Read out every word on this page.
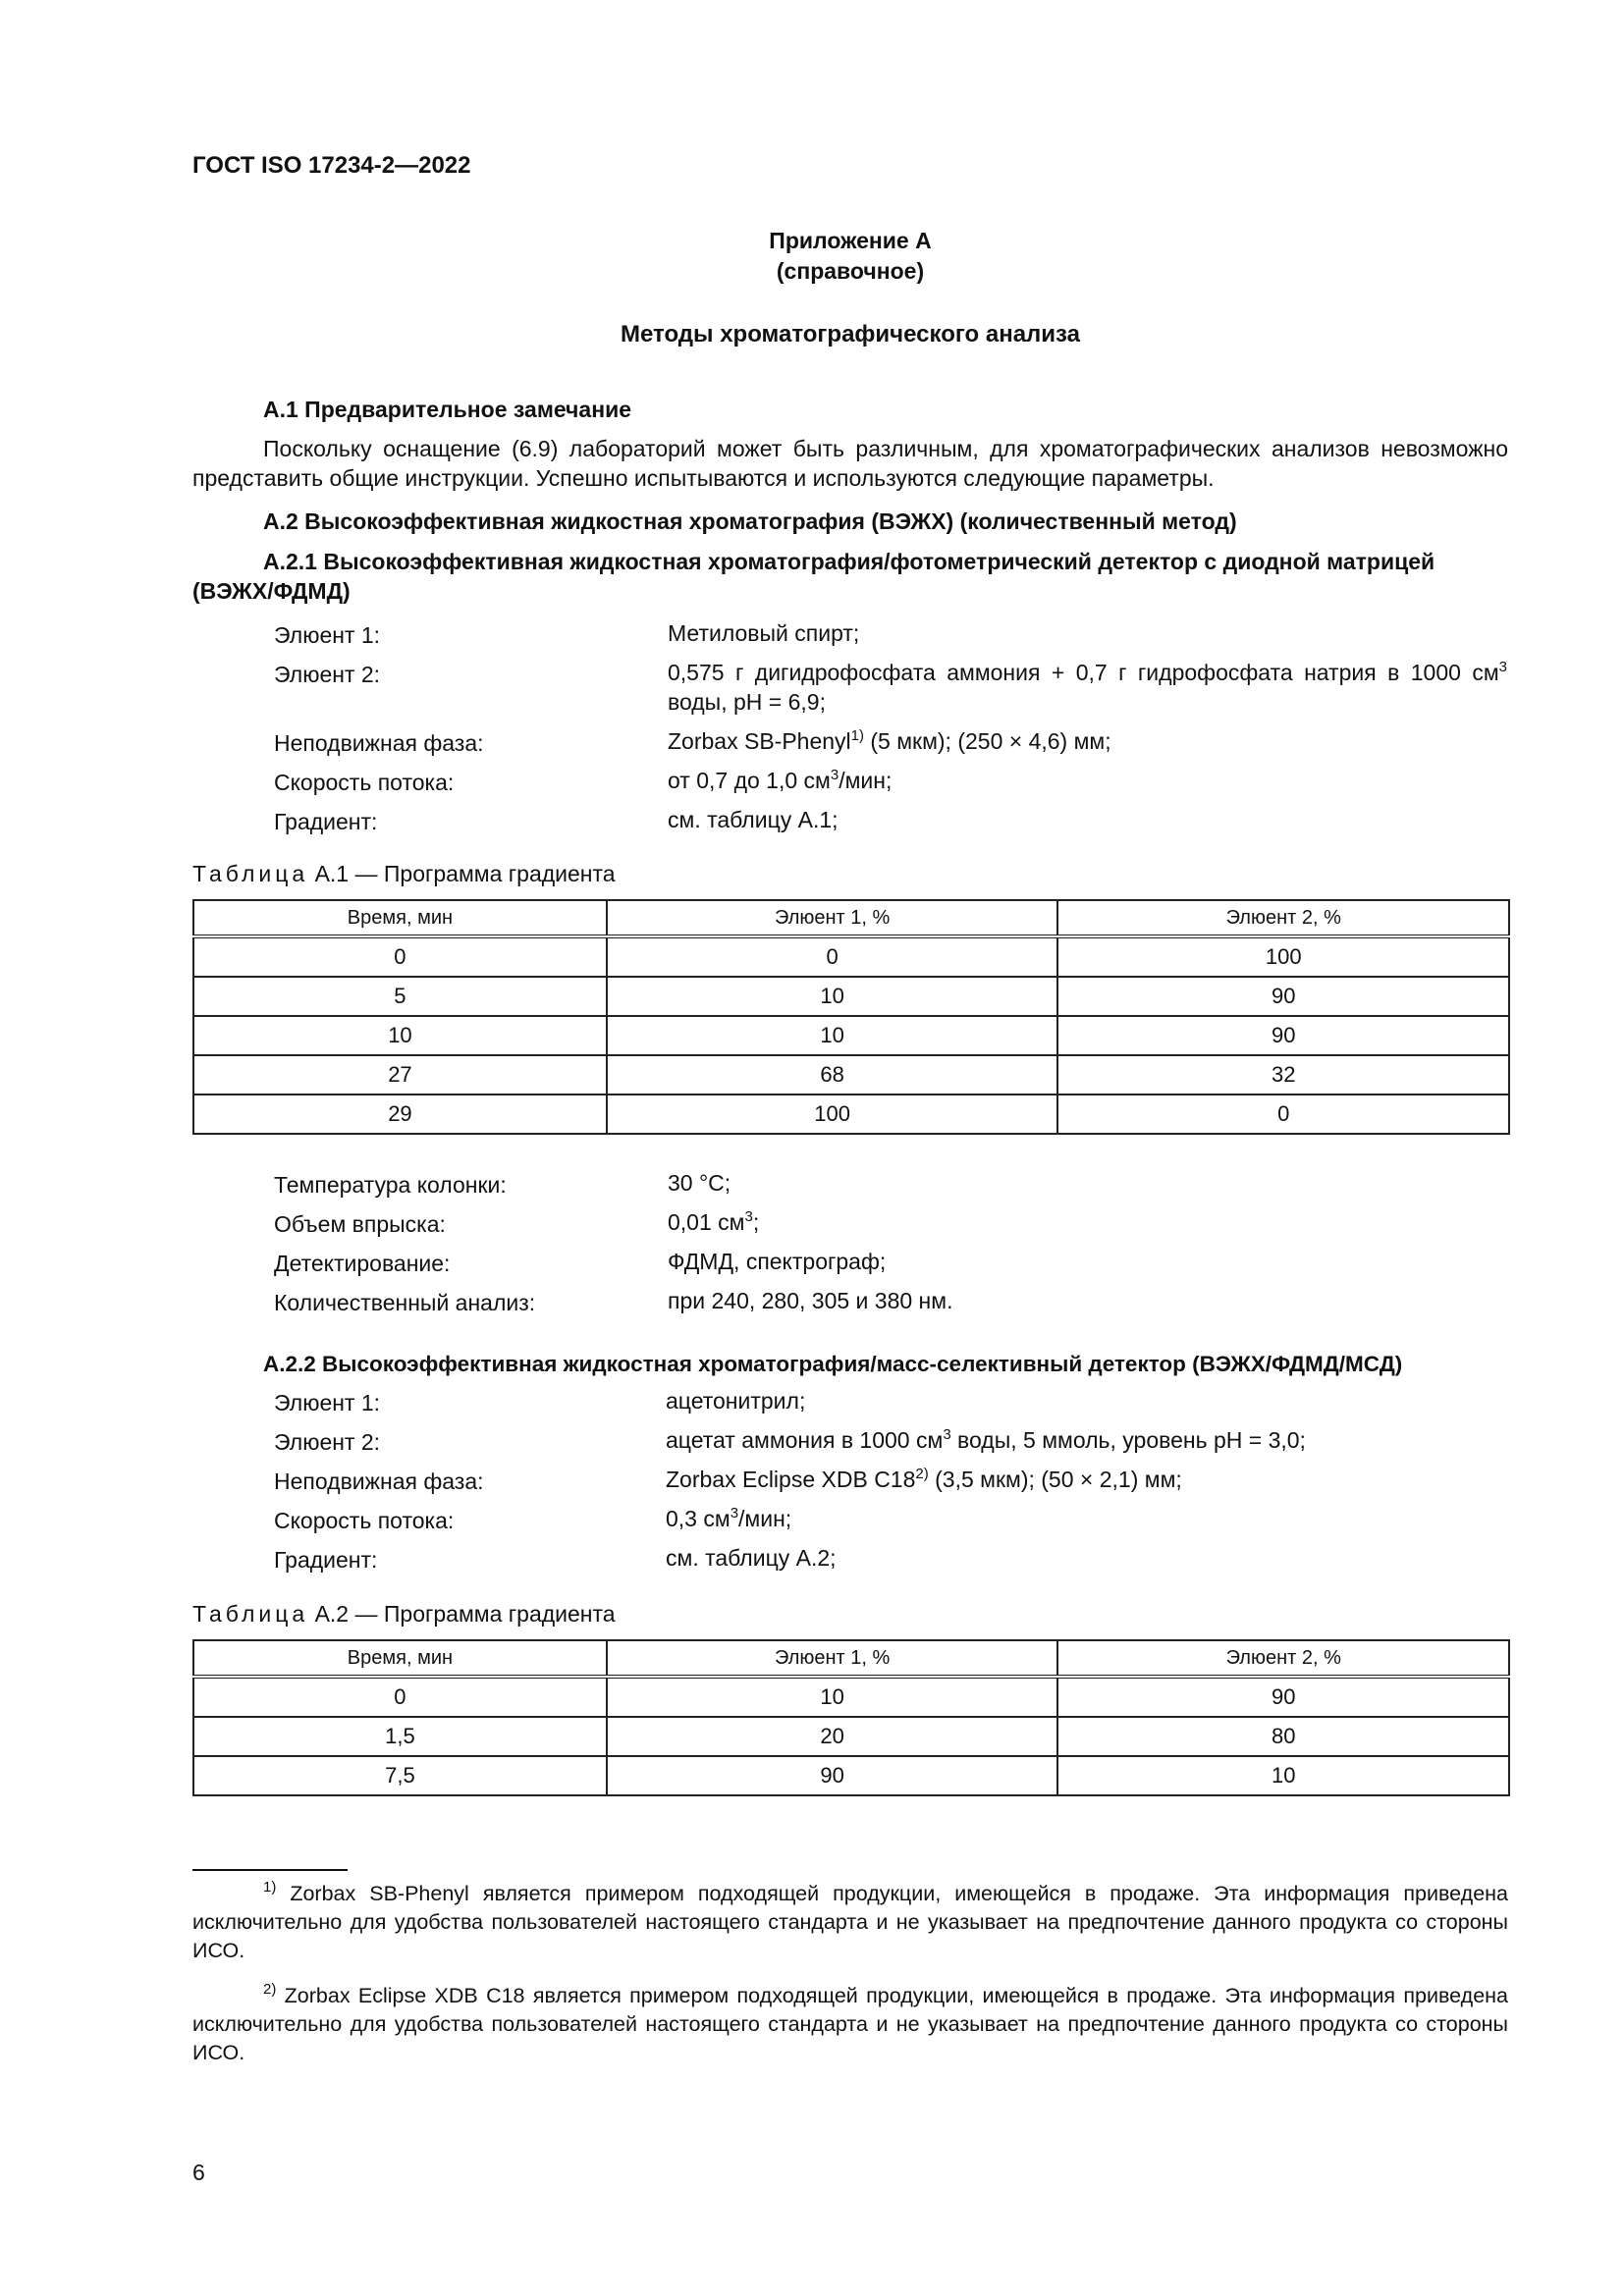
ГОСТ ISO 17234-2—2022
Приложение А
(справочное)
Методы хроматографического анализа
А.1 Предварительное замечание
Поскольку оснащение (6.9) лабораторий может быть различным, для хроматографических анализов невозможно представить общие инструкции. Успешно испытываются и используются следующие параметры.
А.2 Высокоэффективная жидкостная хроматография (ВЭЖХ) (количественный метод)
А.2.1 Высокоэффективная жидкостная хроматография/фотометрический детектор с диодной матрицей (ВЭЖХ/ФДМД)
Элюент 1:	Метиловый спирт;
Элюент 2:	0,575 г дигидрофосфата аммония + 0,7 г гидрофосфата натрия в 1000 $см^3$ воды, pH = 6,9;
Неподвижная фаза:	Zorbax SB-Phenyl$^{1)}$ (5 мкм); (250 × 4,6) мм;
Скорость потока:	от 0,7 до 1,0 $см^3$/мин;
Градиент:	см. таблицу А.1;
Таблица А.1 — Программа градиента
Время, мин	Элюент 1, %	Элюент 2, %
0	0	100
5	10	90
10	10	90
27	68	32
29	100	0
Температура колонки:	30 °С;
Объем впрыска:	0,01 $см^3$;
Детектирование:	ФДМД, спектрограф;
Количественный анализ:	при 240, 280, 305 и 380 нм.
А.2.2 Высокоэффективная жидкостная хроматография/масс-селективный детектор (ВЭЖХ/ФДМД/МСД)
Элюент 1:	ацетонитрил;
Элюент 2:	ацетат аммония в 1000 $см^3$ воды, 5 ммоль, уровень pH = 3,0;
Неподвижная фаза:	Zorbax Eclipse XDB C18$^{2)}$ (3,5 мкм); (50 × 2,1) мм;
Скорость потока:	0,3 $см^3$/мин;
Градиент:	см. таблицу А.2;
Таблица А.2 — Программа градиента
Время, мин	Элюент 1, %	Элюент 2, %
0	10	90
1,5	20	80
7,5	90	10
$^{1)}$ Zorbax SB-Phenyl является примером подходящей продукции, имеющейся в продаже. Эта информация приведена исключительно для удобства пользователей настоящего стандарта и не указывает на предпочтение данного продукта со стороны ИСО.
$^{2)}$ Zorbax Eclipse XDB C18 является примером подходящей продукции, имеющейся в продаже. Эта информация приведена исключительно для удобства пользователей настоящего стандарта и не указывает на предпочтение данного продукта со стороны ИСО.
6
